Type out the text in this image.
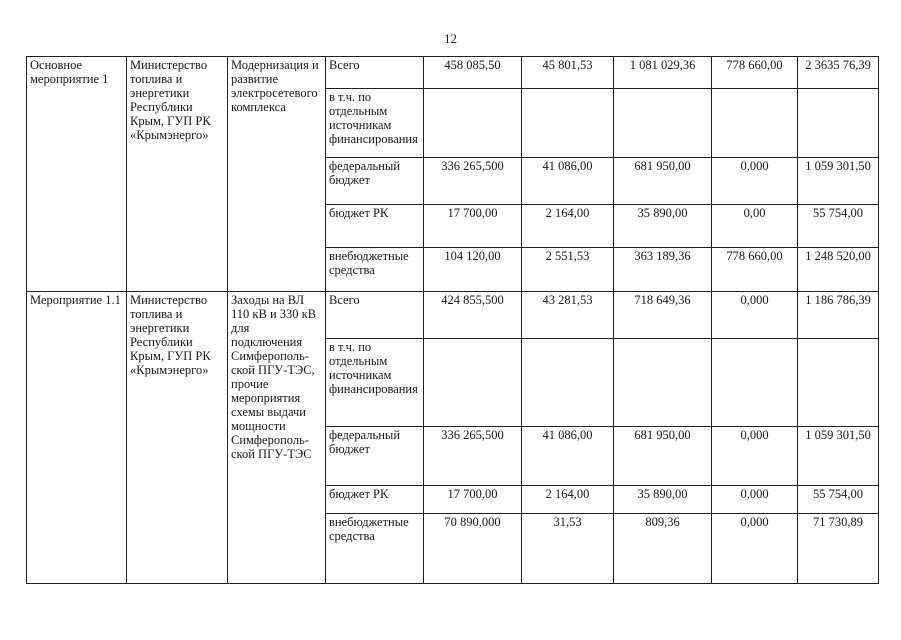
12
Основное мероприятие 1	Министерство топлива и энергетики Республики Крым, ГУП РК «Крымэнерго»	Модернизация и развитие электросетевого комплекса	Всего	458 085,50	45 801,53	1 081 029,36	778 660,00	2 3635 76,39
			в т.ч. по отдельным источникам финансирования					
			федеральный бюджет	336 265,500	41 086,00	681 950,00	0,000	1 059 301,50
			бюджет РК	17 700,00	2 164,00	35 890,00	0,00	55 754,00
			внебюджетные средства	104 120,00	2 551,53	363 189,36	778 660,00	1 248 520,00
Мероприятие 1.1	Министерство топлива и энергетики Республики Крым, ГУП РК «Крымэнерго»	Заходы на ВЛ 110 кВ и 330 кВ для подключения Симферополь-ской ПГУ-ТЭС, прочие мероприятия схемы выдачи мощности Симферополь-ской ПГУ-ТЭС	Всего	424 855,500	43 281,53	718 649,36	0,000	1 186 786,39
			в т.ч. по отдельным источникам финансирования					
			федеральный бюджет	336 265,500	41 086,00	681 950,00	0,000	1 059 301,50
			бюджет РК	17 700,00	2 164,00	35 890,00	0,000	55 754,00
			внебюджетные средства	70 890,000	31,53	809,36	0,000	71 730,89
